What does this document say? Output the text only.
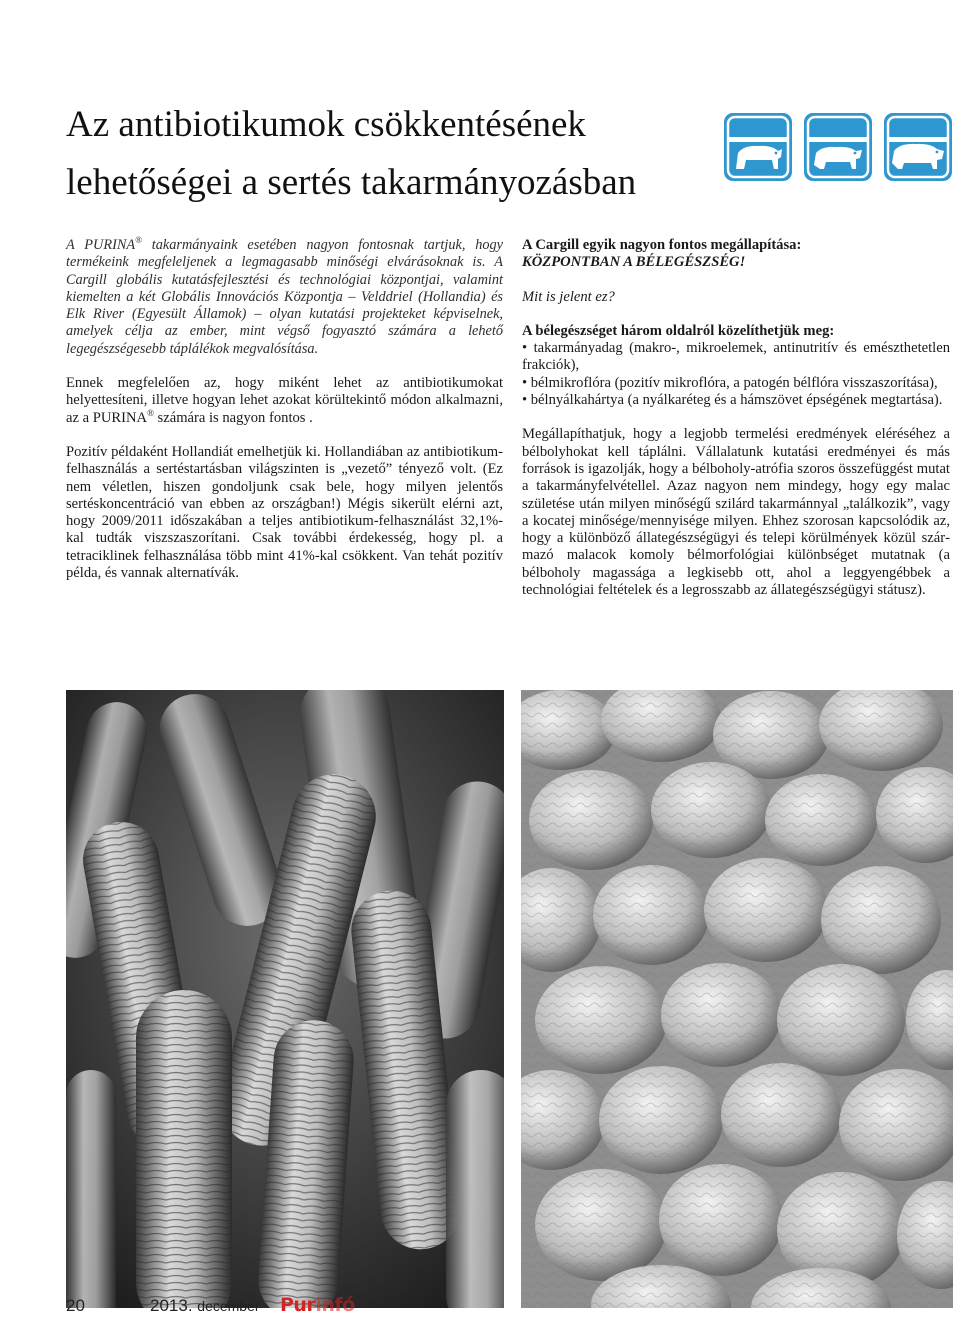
Az antibiotikumok csökkentésének
lehetőségei a sertés takarmányozásban

A PURINA® takarmányaink esetében nagyon fontosnak tartjuk, hogy termékeink megfeleljenek a legmagasabb minőségi elvárásoknak is. A Cargill globális kutatásfejlesztési és technológiai központjai, valamint kiemelten a két Globális Innovációs Központja – Velddriel (Hollandia) és Elk River (Egyesült Államok) – olyan kutatási projekteket képviselnek, amelyek célja az ember, mint végső fogyasztó számára a lehető legegészségesebb táplálékok megvalósítása.

Ennek megfelelően az, hogy miként lehet az antibiotikumokat helyettesíteni, illetve hogyan lehet azokat körültekintő módon alkalmazni, az a PURINA® számára is nagyon fontos .

Pozitív példaként Hollandiát emelhetjük ki. Hollandiában az antibiotikum-felhasználás a sertéstartásban világszinten is „vezető” tényező volt. (Ez nem véletlen, hiszen gondoljunk csak bele, hogy milyen jelentős sertéskoncentráció van ebben az országban!) Mégis sikerült elérni azt, hogy 2009/2011 időszakában a teljes antibiotikum-felhasználást 32,1%-kal tudták viszszaszorítani. Csak további érdekesség, hogy pl. a tetraciklinek felhasználása több mint 41%-kal csökkent. Van tehát pozitív példa, és vannak alternatívák.

A Cargill egyik nagyon fontos megállapítása:

KÖZPONTBAN A BÉLEGÉSZSÉG!

Mit is jelent ez?

A bélegészséget három oldalról közelíthetjük meg:

• takarmányadag (makro-, mikroelemek, antinutritív és emészthetetlen frakciók),

• bélmikroflóra (pozitív mikroflóra, a patogén bélflóra visszaszorítása),

• bélnyálkahártya (a nyálkaréteg és a hámszövet épségének megtartása).

Megállapíthatjuk, hogy a legjobb termelési eredmények eléréséhez a bélbolyhokat kell táplálni. Vállalatunk kutatási eredményei és más források is igazolják, hogy a bélboholy-atrófia szoros összefüggést mutat a takarmányfelvétellel. Azaz nagyon nem mindegy, hogy egy malac születése után milyen minőségű szilárd takarmánnyal „találkozik”, vagy a kocatej minősége/mennyisége milyen. Ehhez szorosan kapcsolódik az, hogy a különböző állategészségügyi és telepi körülmények közül származó malacok komoly bélmorfológiai különbséget mutatnak (a bélboholy magassága a legkisebb ott, ahol a leggyengébbek a technológiai feltételek és a legrosszabb az állategészségügyi státusz).

20	2013. december Purinfó
